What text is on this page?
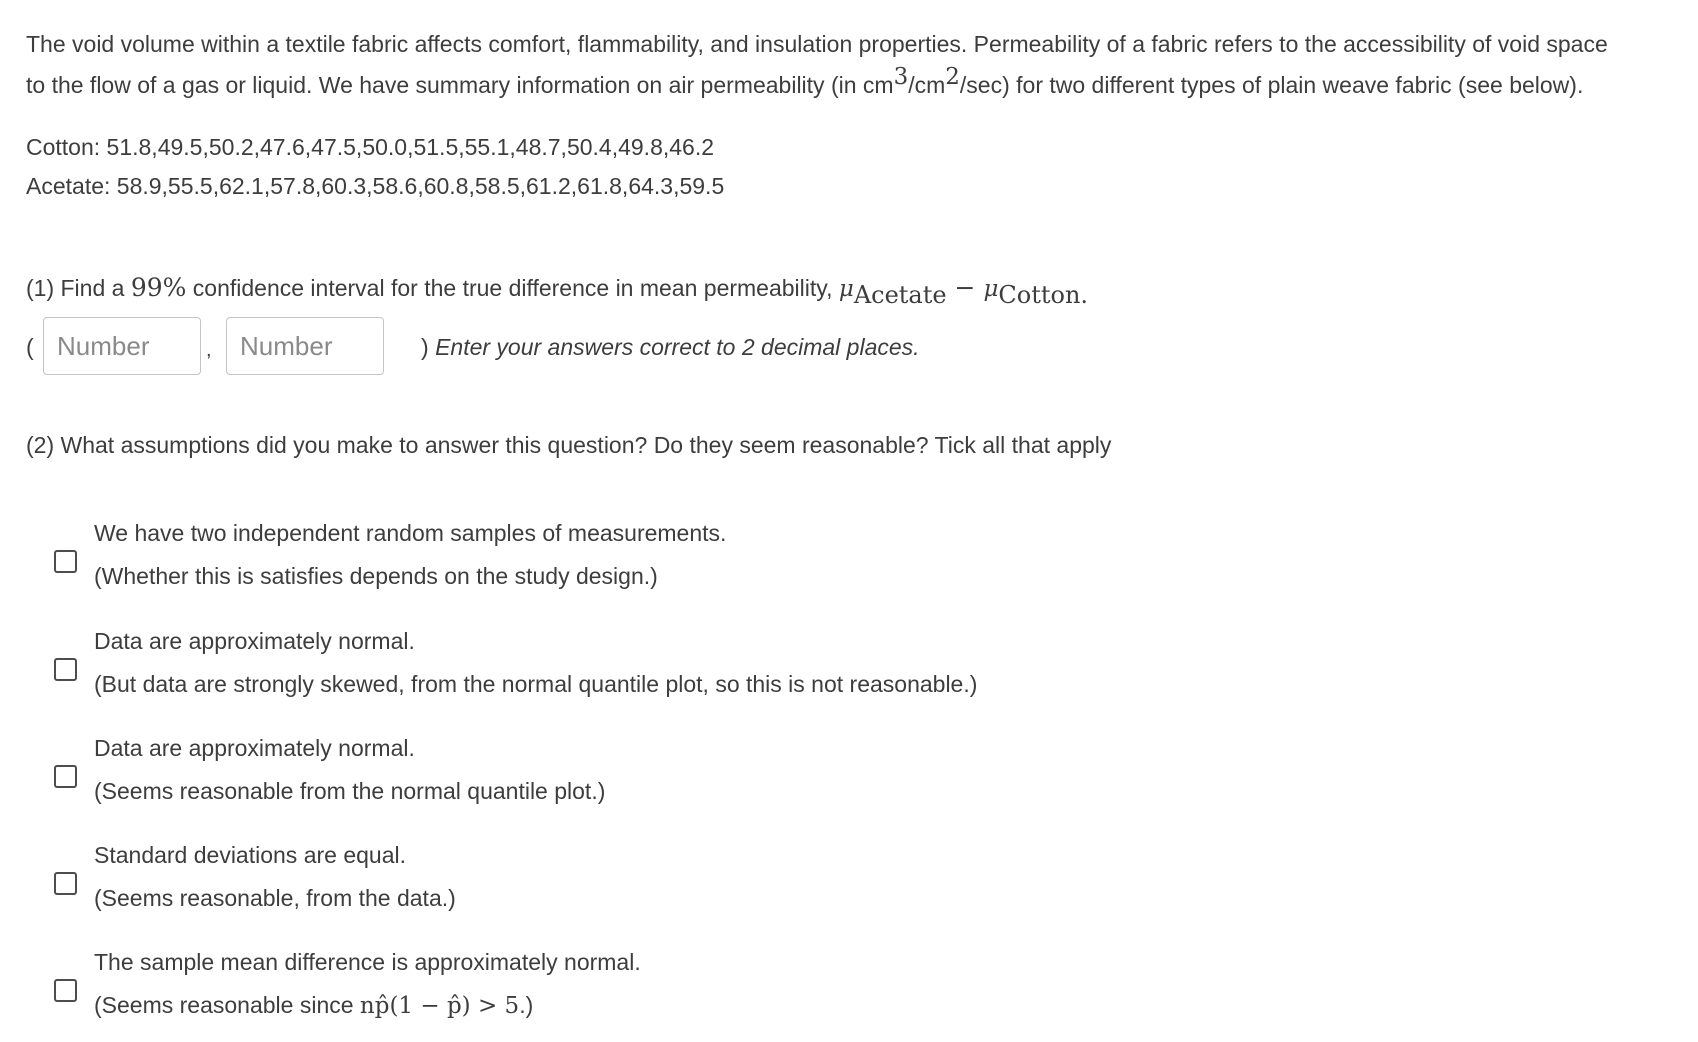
The void volume within a textile fabric affects comfort, flammability, and insulation properties. Permeability of a fabric refers to the accessibility of void space
to the flow of a gas or liquid. We have summary information on air permeability (in cm3/cm2/sec) for two different types of plain weave fabric (see below).
Cotton: 51.8,49.5,50.2,47.6,47.5,50.0,51.5,55.1,48.7,50.4,49.8,46.2
Acetate: 58.9,55.5,62.1,57.8,60.3,58.6,60.8,58.5,61.2,61.8,64.3,59.5
(1) Find a 99% confidence interval for the true difference in mean permeability, μAcetate − μCotton.
(
Number	,
Number	) Enter your answers correct to 2 decimal places.
(2) What assumptions did you make to answer this question? Do they seem reasonable? Tick all that apply
We have two independent random samples of measurements.
(Whether this is satisfies depends on the study design.)
Data are approximately normal.
(But data are strongly skewed, from the normal quantile plot, so this is not reasonable.)
Data are approximately normal.
(Seems reasonable from the normal quantile plot.)
Standard deviations are equal.
(Seems reasonable, from the data.)
The sample mean difference is approximately normal.
(Seems reasonable since np̂(1 − p̂) > 5.)
